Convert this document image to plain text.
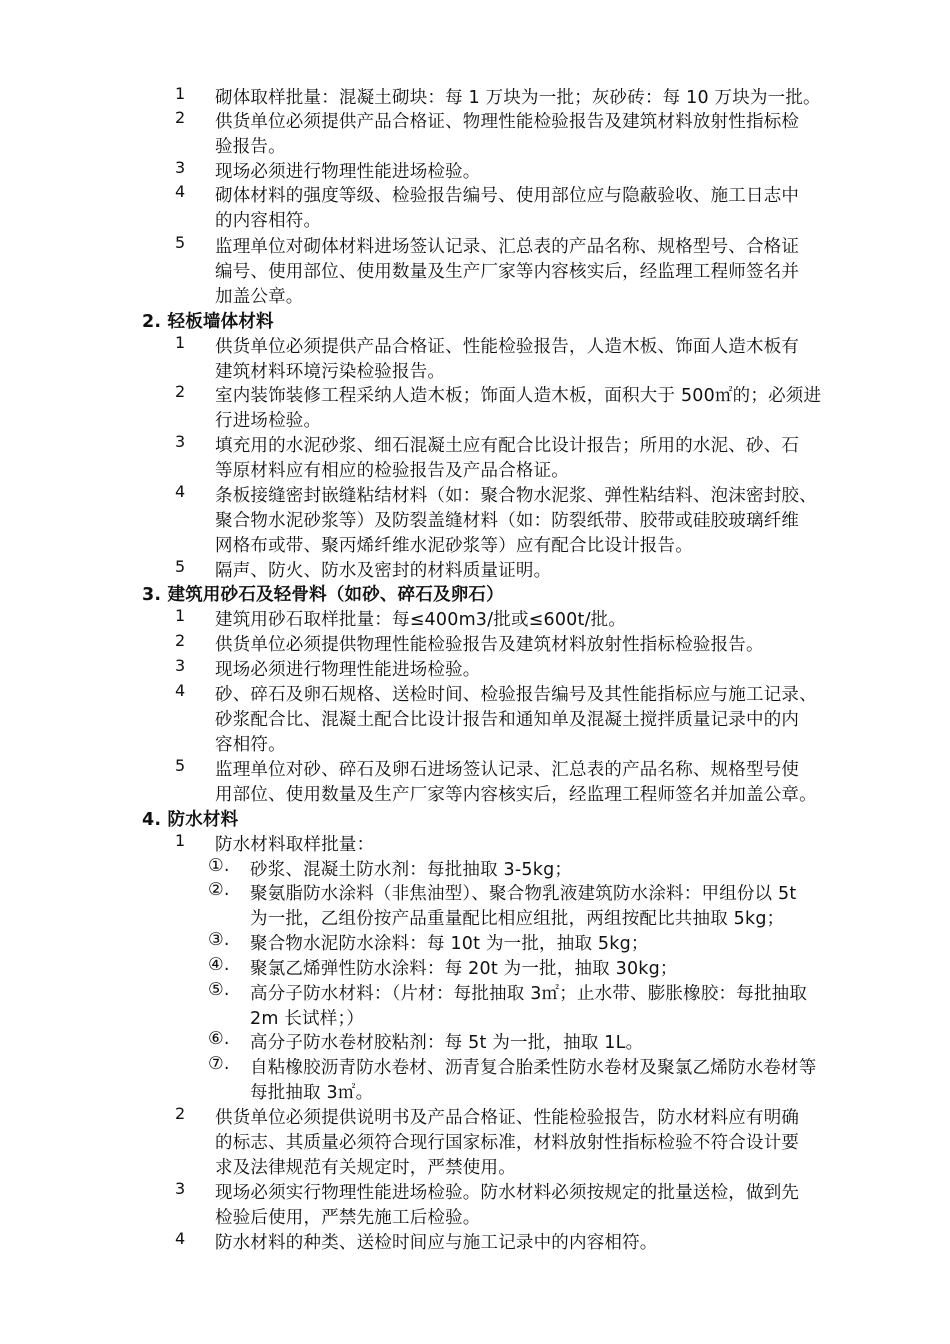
1	砌体取样批量：混凝土砌块：每 1 万块为一批；灰砂砖：每 10 万块为一批。
2	供货单位必须提供产品合格证、物理性能检验报告及建筑材料放射性指标检
验报告。
3	现场必须进行物理性能进场检验。
4	砌体材料的强度等级、检验报告编号、使用部位应与隐蔽验收、施工日志中
的内容相符。
5	监理单位对砌体材料进场签认记录、汇总表的产品名称、规格型号、合格证
编号、使用部位、使用数量及生产厂家等内容核实后，经监理工程师签名并
加盖公章。
2. 轻板墙体材料
1	供货单位必须提供产品合格证、性能检验报告，人造木板、饰面人造木板有
建筑材料环境污染检验报告。
2	室内装饰装修工程采纳人造木板；饰面人造木板，面积大于 500㎡的；必须进
行进场检验。
3	填充用的水泥砂浆、细石混凝土应有配合比设计报告；所用的水泥、砂、石
等原材料应有相应的检验报告及产品合格证。
4	条板接缝密封嵌缝粘结材料（如：聚合物水泥浆、弹性粘结料、泡沫密封胶、
聚合物水泥砂浆等）及防裂盖缝材料（如：防裂纸带、胶带或硅胶玻璃纤维
网格布或带、聚丙烯纤维水泥砂浆等）应有配合比设计报告。
5	隔声、防火、防水及密封的材料质量证明。
3. 建筑用砂石及轻骨料（如砂、碎石及卵石）
1	建筑用砂石取样批量：每≤400m3/批或≤600t/批。
2	供货单位必须提供物理性能检验报告及建筑材料放射性指标检验报告。
3	现场必须进行物理性能进场检验。
4	砂、碎石及卵石规格、送检时间、检验报告编号及其性能指标应与施工记录、
砂浆配合比、混凝土配合比设计报告和通知单及混凝土搅拌质量记录中的内
容相符。
5	监理单位对砂、碎石及卵石进场签认记录、汇总表的产品名称、规格型号使
用部位、使用数量及生产厂家等内容核实后，经监理工程师签名并加盖公章。
4. 防水材料
1	防水材料取样批量：
①. 砂浆、混凝土防水剂：每批抽取 3-5kg；
②. 聚氨脂防水涂料（非焦油型）、聚合物乳液建筑防水涂料：甲组份以 5t
为一批，乙组份按产品重量配比相应组批，两组按配比共抽取 5kg；
③. 聚合物水泥防水涂料：每 10t 为一批，抽取 5kg；
④. 聚氯乙烯弹性防水涂料：每 20t 为一批，抽取 30kg；
⑤. 高分子防水材料：（片材：每批抽取 3㎡；止水带、膨胀橡胶：每批抽取
2m 长试样；）
⑥. 高分子防水卷材胶粘剂：每 5t 为一批，抽取 1L。
⑦. 自粘橡胶沥青防水卷材、沥青复合胎柔性防水卷材及聚氯乙烯防水卷材等
每批抽取 3㎡。
2	供货单位必须提供说明书及产品合格证、性能检验报告，防水材料应有明确
的标志、其质量必须符合现行国家标准，材料放射性指标检验不符合设计要
求及法律规范有关规定时，严禁使用。
3	现场必须实行物理性能进场检验。防水材料必须按规定的批量送检，做到先
检验后使用，严禁先施工后检验。
4	防水材料的种类、送检时间应与施工记录中的内容相符。
